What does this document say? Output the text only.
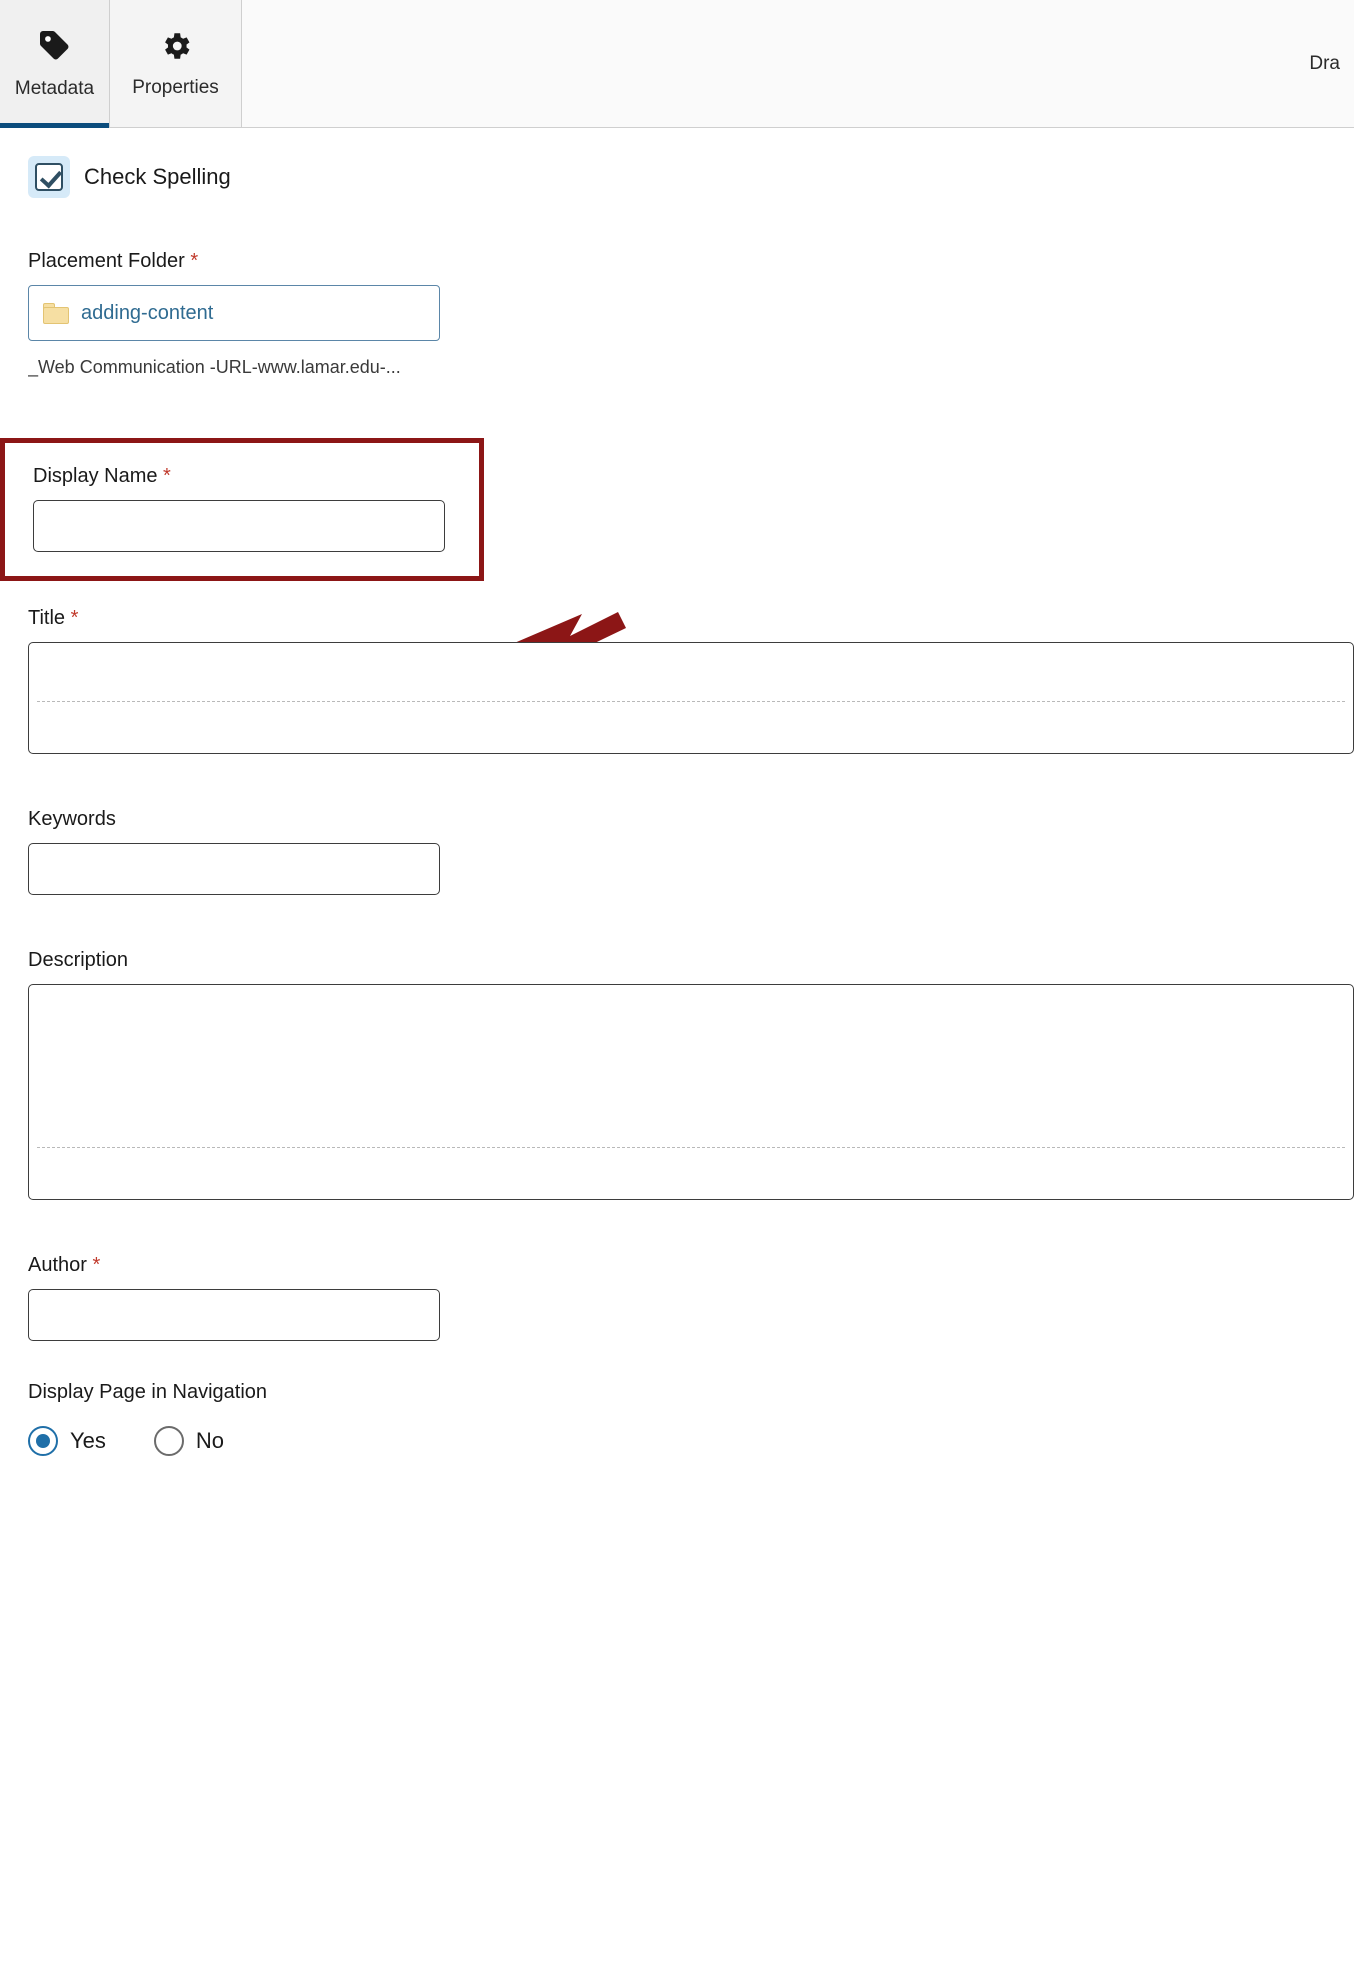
Metadata Properties
Dra
Check Spelling
Placement Folder *
adding-content
_Web Communication -URL-www.lamar.edu-...
Display Name *
Title *
Keywords
Description
Author *
Display Page in Navigation
Yes	No
